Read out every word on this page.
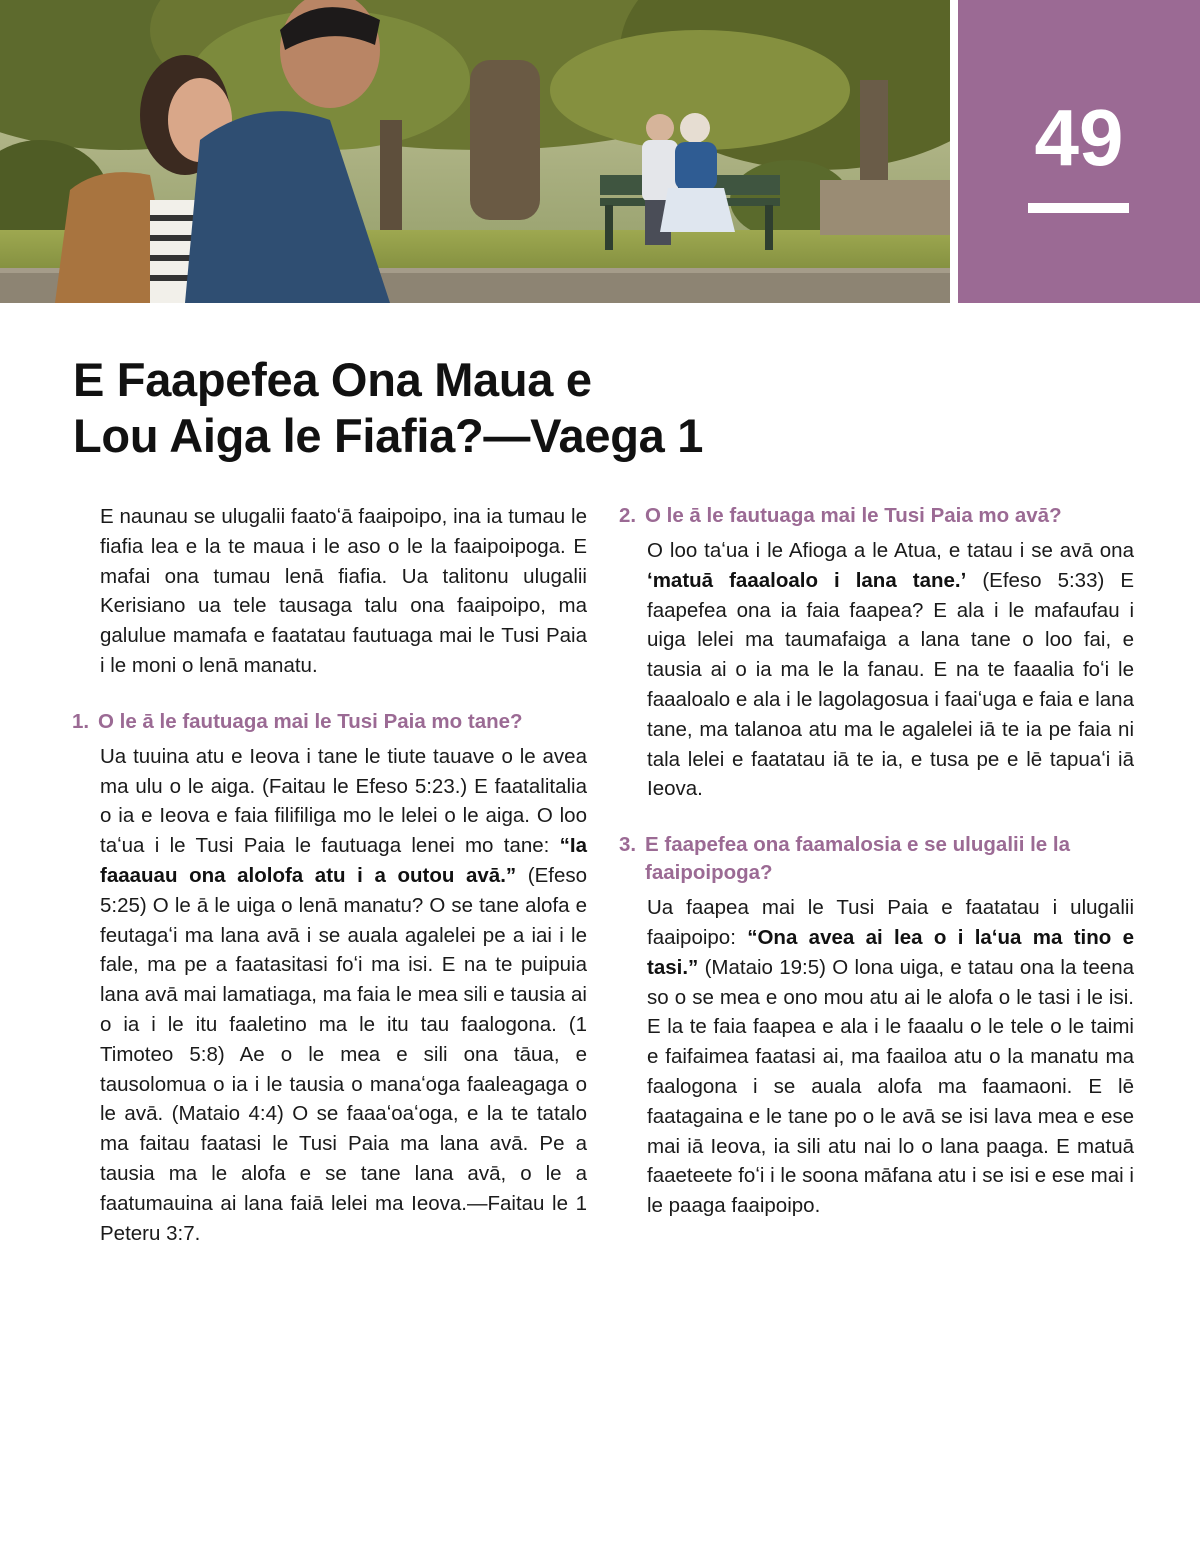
49
E Faapefea Ona Maua e
Lou Aiga le Fiafia?—Vaega 1

E naunau se ulugalii faatoʻā faaipoipo, ina ia tumau le fiafia lea e la te maua i le aso o le la faaipoipoga. E mafai ona tumau lenā fiafia. Ua talitonu ulugalii Kerisiano ua tele tausaga talu ona faaipoipo, ma galulue mamafa e faatatau fautuaga mai le Tusi Paia i le moni o lenā manatu.

1. O le ā le fautuaga mai le Tusi Paia mo tane?

Ua tuuina atu e Ieova i tane le tiute tauave o le avea ma ulu o le aiga. (Faitau le Efeso 5:23.) E faatalitalia o ia e Ieova e faia filifiliga mo le lelei o le aiga. O loo taʻua i le Tusi Paia le fautuaga lenei mo tane: “Ia faaauau ona alolofa atu i a outou avā.” (Efeso 5:25) O le ā le uiga o lenā manatu? O se tane alofa e feutagaʻi ma lana avā i se auala agalelei pe a iai i le fale, ma pe a faatasitasi foʻi ma isi. E na te puipuia lana avā mai lamatiaga, ma faia le mea sili e tausia ai o ia i le itu faaletino ma le itu tau faalogona. (1 Timoteo 5:8) Ae o le mea e sili ona tāua, e tausolomua o ia i le tausia o manaʻoga faaleagaga o le avā. (Mataio 4:4) O se faaaʻoaʻoga, e la te tatalo ma faitau faatasi le Tusi Paia ma lana avā. Pe a tausia ma le alofa e se tane lana avā, o le a faatumauina ai lana faiā lelei ma Ieova.—Faitau le 1 Peteru 3:7.

2. O le ā le fautuaga mai le Tusi Paia mo avā?

O loo taʻua i le Afioga a le Atua, e tatau i se avā ona ʻmatuā faaaloalo i lana tane.ʼ (Efeso 5:33) E faapefea ona ia faia faapea? E ala i le mafaufau i uiga lelei ma taumafaiga a lana tane o loo fai, e tausia ai o ia ma le la fanau. E na te faaalia foʻi le faaaloalo e ala i le lagolagosua i faaiʻuga e faia e lana tane, ma talanoa atu ma le agalelei iā te ia pe faia ni tala lelei e faatatau iā te ia, e tusa pe e lē tapuaʻi iā Ieova.

3. E faapefea ona faamalosia e se ulugalii le la faaipoipoga?

Ua faapea mai le Tusi Paia e faatatau i ulugalii faaipoipo: “Ona avea ai lea o i laʻua ma tino e tasi.” (Mataio 19:5) O lona uiga, e tatau ona la teena so o se mea e ono mou atu ai le alofa o le tasi i le isi. E la te faia faapea e ala i le faaalu o le tele o le taimi e faifaimea faatasi ai, ma faailoa atu o la manatu ma faalogona i se auala alofa ma faamaoni. E lē faatagaina e le tane po o le avā se isi lava mea e ese mai iā Ieova, ia sili atu nai lo o lana paaga. E matuā faaeteete foʻi i le soona māfana atu i se isi e ese mai i le paaga faaipoipo.
